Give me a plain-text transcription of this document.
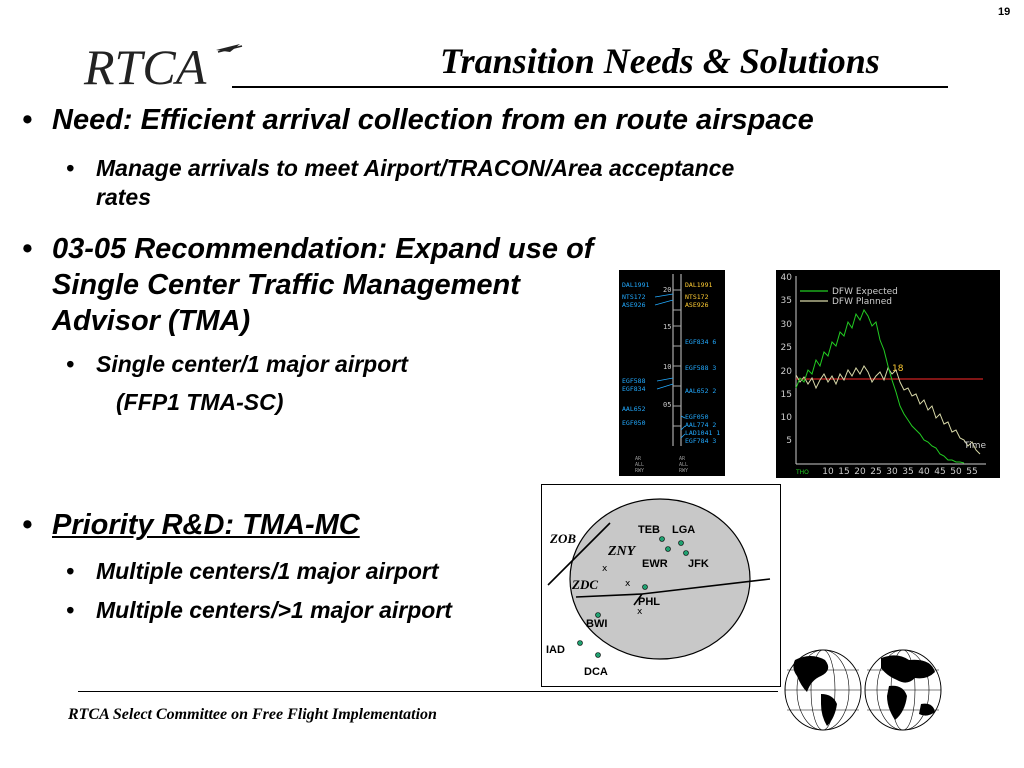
19
RTCA	Transition Needs & Solutions
• Need: Efficient arrival collection from en route airspace
• Manage arrivals to meet Airport/TRACON/Area acceptance
rates
• 03-05 Recommendation: Expand use of
Single Center Traffic Management
Advisor (TMA)
• Single center/1 major airport
(FFP1 TMA-SC)
• Priority R&D: TMA-MC
• Multiple centers/1 major airport
• Multiple centers/>1 major airport
20
15
10
05
DAL1991
NTS172
ASE926
EGF588
EGF834
AAL652
EGF050
DAL1991
NTS172
ASE926
EGF834 6
EGF588 3
AAL652 2
EGF050
AAL774 2
LAD1041 1
EGF784 3
AR
ALL
RWY
AR
ALL
RWY
40
35
30
25
20
15
10
5
10 15 20 25 30 35 40 45 50 55
THO
DFW Expected
DFW Planned
18
Time
ZOB
ZNY
ZDC
TEB LGA
EWR JFK
PHL
BWI
IAD
DCA
x
x
x
RTCA Select Committee on Free Flight Implementation
